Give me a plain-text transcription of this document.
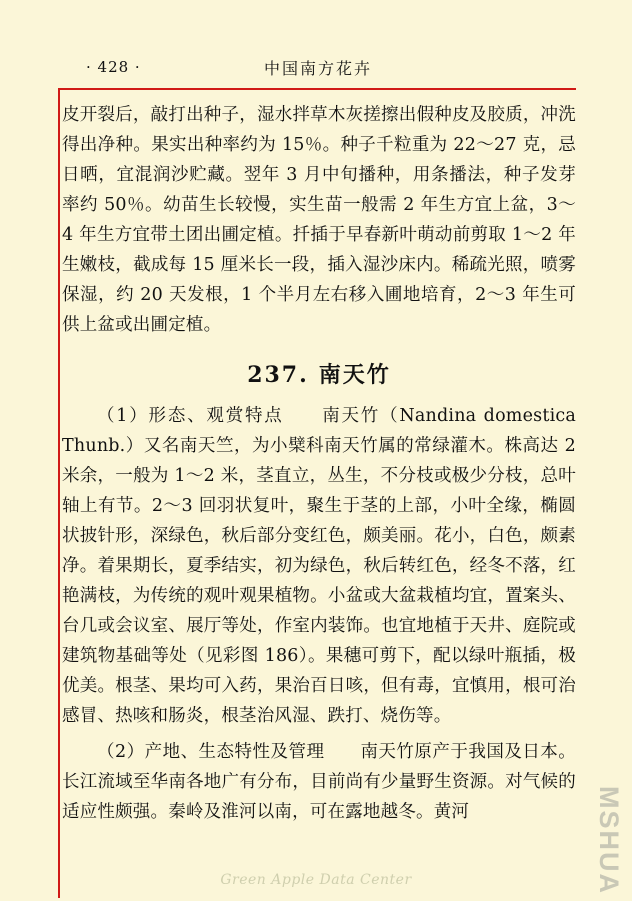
· 428 ·	中国南方花卉

皮开裂后，敲打出种子，湿水拌草木灰搓擦出假种皮及胶质，冲洗得出净种。果实出种率约为 15％。种子千粒重为 22～27 克，忌日晒，宜混润沙贮藏。翌年 3 月中旬播种，用条播法，种子发芽率约 50％。幼苗生长较慢，实生苗一般需 2 年生方宜上盆，3～4 年生方宜带土团出圃定植。扦插于早春新叶萌动前剪取 1～2 年生嫩枝，截成每 15 厘米长一段，插入湿沙床内。稀疏光照，喷雾保湿，约 20 天发根，1 个半月左右移入圃地培育，2～3 年生可供上盆或出圃定植。

237. 南天竹

（1）形态、观赏特点　　南天竹（Nandina domestica Thunb.）又名南天竺，为小檗科南天竹属的常绿灌木。株高达 2 米余，一般为 1～2 米，茎直立，丛生，不分枝或极少分枝，总叶轴上有节。2～3 回羽状复叶，聚生于茎的上部，小叶全缘，椭圆状披针形，深绿色，秋后部分变红色，颇美丽。花小，白色，颇素净。着果期长，夏季结实，初为绿色，秋后转红色，经冬不落，红艳满枝，为传统的观叶观果植物。小盆或大盆栽植均宜，置案头、台几或会议室、展厅等处，作室内装饰。也宜地植于天井、庭院或建筑物基础等处（见彩图 186）。果穗可剪下，配以绿叶瓶插，极优美。根茎、果均可入药，果治百日咳，但有毒，宜慎用，根可治感冒、热咳和肠炎，根茎治风湿、跌打、烧伤等。

（2）产地、生态特性及管理　　南天竹原产于我国及日本。长江流域至华南各地广有分布，目前尚有少量野生资源。对气候的适应性颇强。秦岭及淮河以南，可在露地越冬。黄河	MSHUA
Green Apple Data Center
